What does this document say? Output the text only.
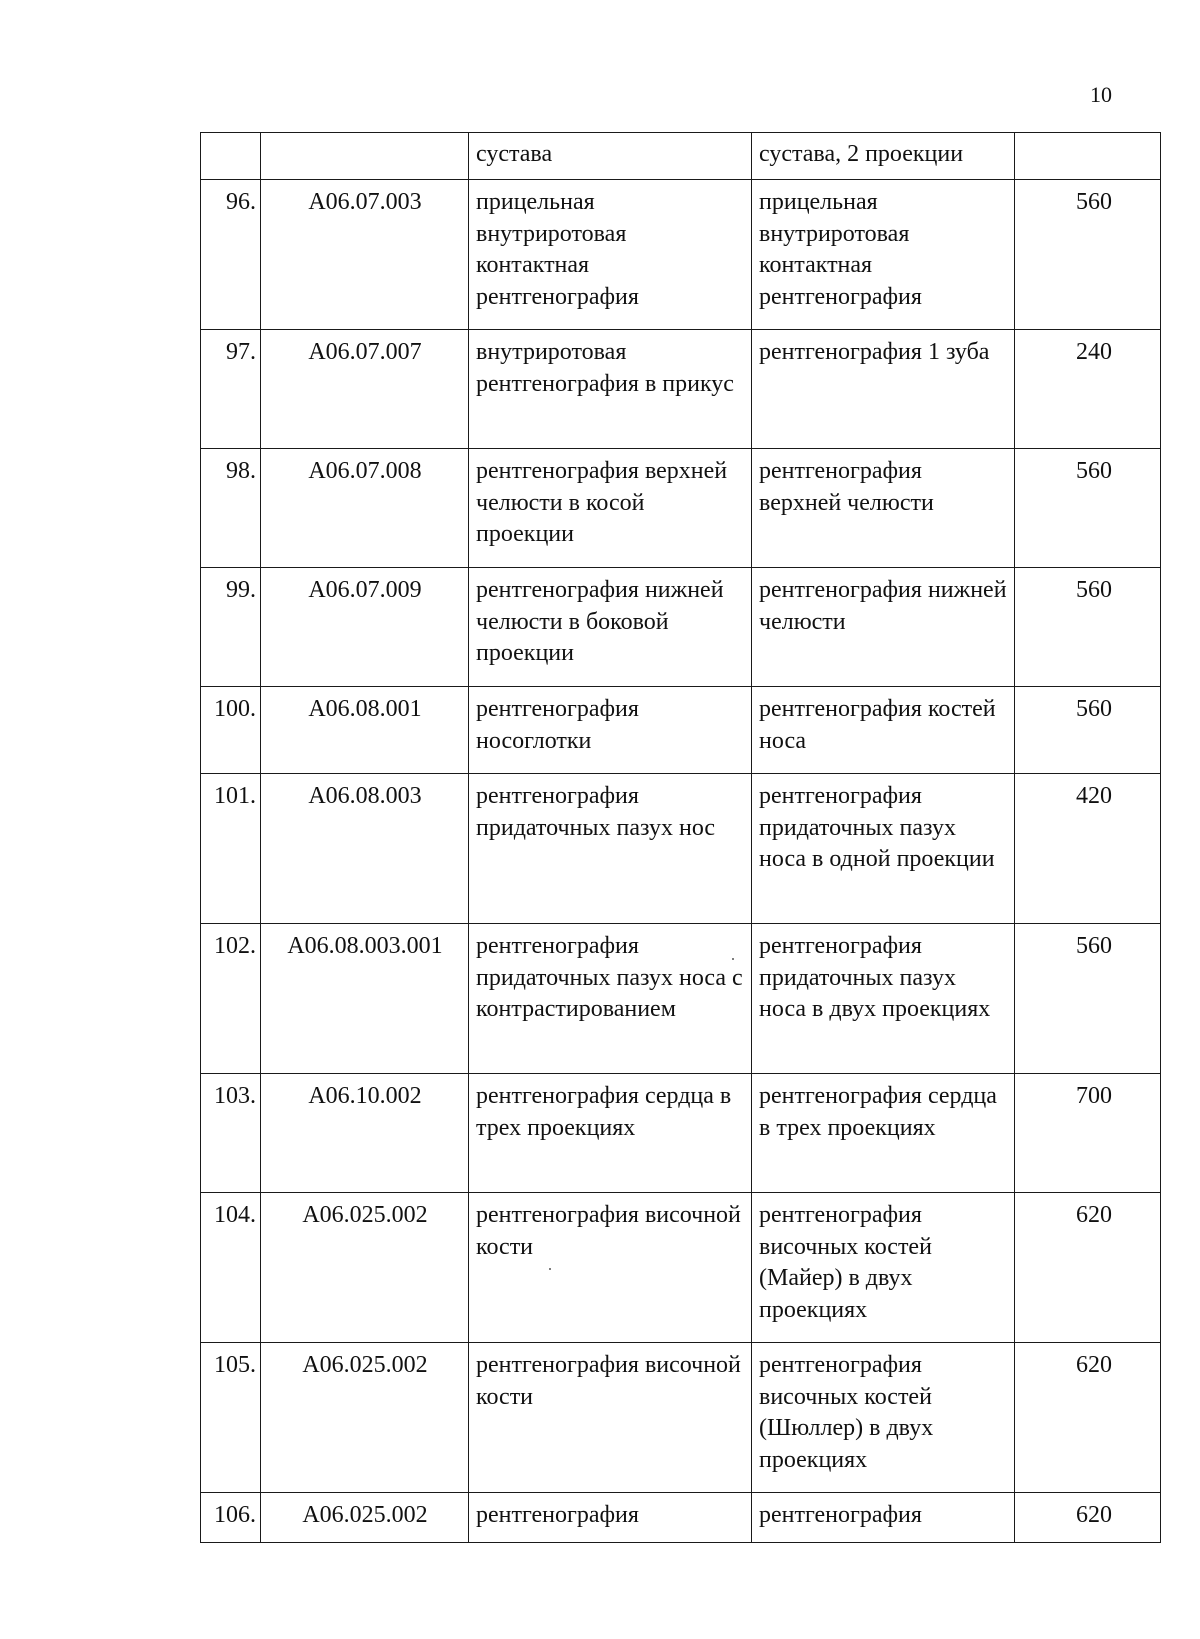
10
		сустава	сустава, 2 проекции	
96.	A06.07.003	прицельная внутриротовая контактная рентгенография	прицельная внутриротовая контактная рентгенография	560
97.	A06.07.007	внутриротовая рентгенография в прикус	рентгенография 1 зуба	240
98.	A06.07.008	рентгенография верхней челюсти в косой проекции	рентгенография верхней челюсти	560
99.	A06.07.009	рентгенография нижней челюсти в боковой проекции	рентгенография нижней челюсти	560
100.	A06.08.001	рентгенография носоглотки	рентгенография костей носа	560
101.	A06.08.003	рентгенография придаточных пазух нос	рентгенография придаточных пазух носа в одной проекции	420
102.	A06.08.003.001	рентгенография придаточных пазух носа с контрастированием	рентгенография придаточных пазух носа в двух проекциях	560
103.	A06.10.002	рентгенография сердца в трех проекциях	рентгенография сердца в трех проекциях	700
104.	A06.025.002	рентгенография височной кости	рентгенография височных костей (Майер) в двух проекциях	620
105.	A06.025.002	рентгенография височной кости	рентгенография височных костей (Шюллер) в двух проекциях	620
106.	A06.025.002	рентгенография	рентгенография	620
